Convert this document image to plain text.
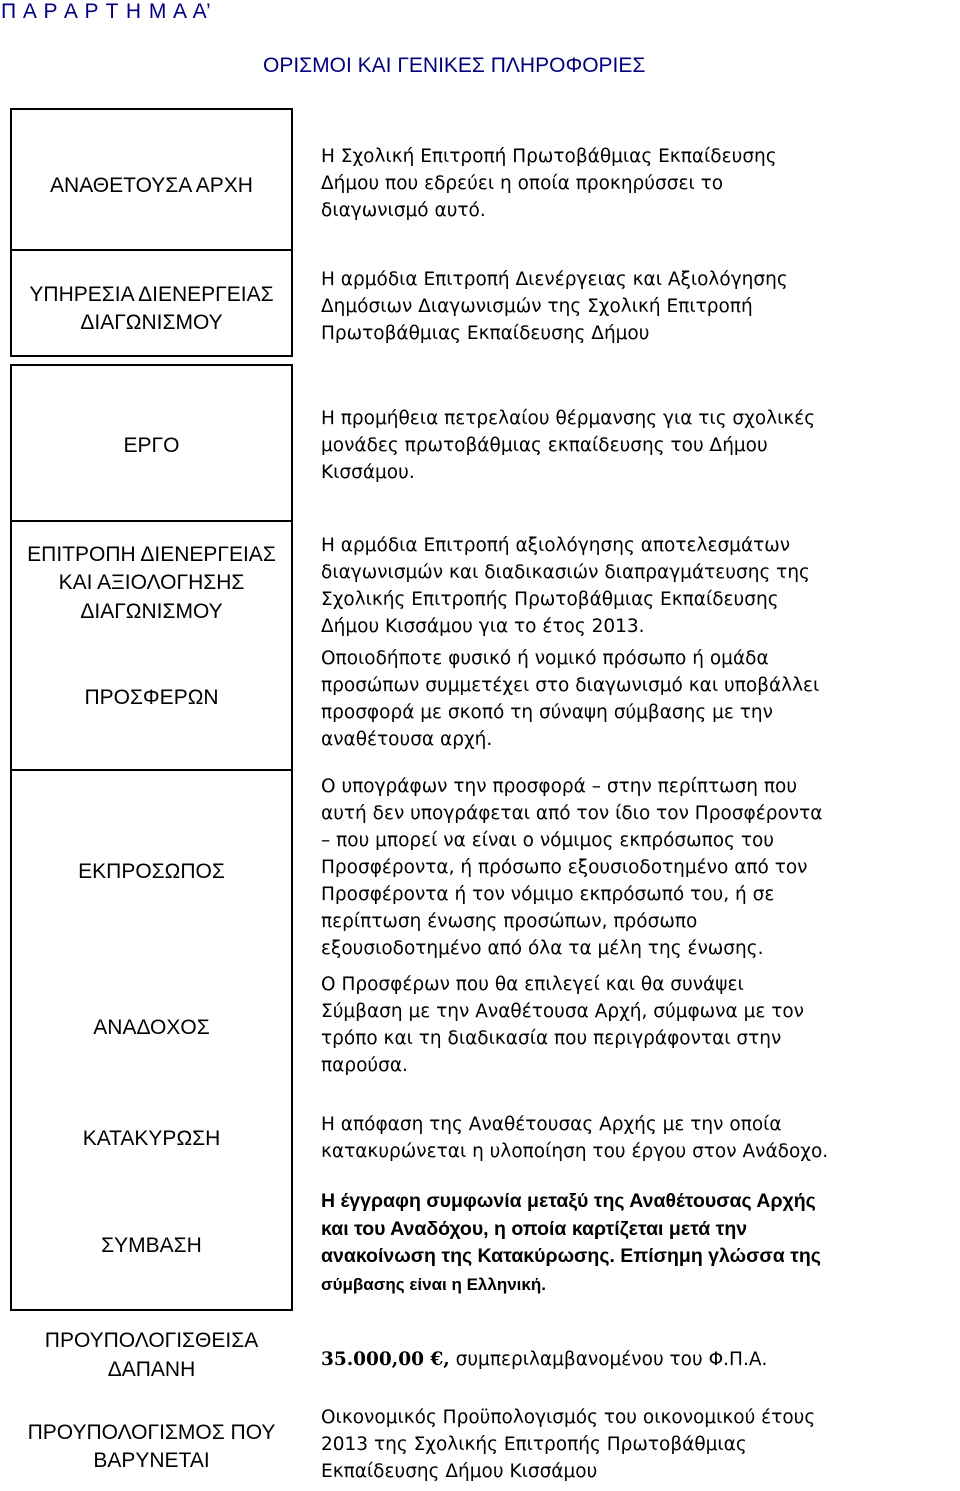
Π Α Ρ Α Ρ Τ Η Μ Α Α’
ΟΡΙΣΜΟΙ ΚΑΙ ΓΕΝΙΚΕΣ ΠΛΗΡΟΦΟΡΙΕΣ
ΑΝΑΘΕΤΟΥΣΑ ΑΡΧΗ
ΥΠΗΡΕΣΙΑ ΔΙΕΝΕΡΓΕΙΑΣ
ΔΙΑΓΩΝΙΣΜΟΥ
ΕΡΓΟ
ΕΠΙΤΡΟΠΗ ΔΙΕΝΕΡΓΕΙΑΣ
ΚΑΙ ΑΞΙΟΛΟΓΗΣΗΣ
ΔΙΑΓΩΝΙΣΜΟΥ
ΠΡΟΣΦΕΡΩΝ
ΕΚΠΡΟΣΩΠΟΣ
ΑΝΑΔΟΧΟΣ
ΚΑΤΑΚΥΡΩΣΗ
ΣΥΜΒΑΣΗ
ΠΡΟΥΠΟΛΟΓΙΣΘΕΙΣΑ
ΔΑΠΑΝΗ
ΠΡΟΥΠΟΛΟΓΙΣΜΟΣ ΠΟΥ
ΒΑΡΥΝΕΤΑΙ
Η Σχολική Επιτροπή Πρωτοβάθμιας Εκπαίδευσης
Δήμου που εδρεύει η οποία προκηρύσσει το
διαγωνισμό αυτό.
Η αρμόδια Επιτροπή Διενέργειας και Αξιολόγησης
Δημόσιων Διαγωνισμών της Σχολική Επιτροπή
Πρωτοβάθμιας Εκπαίδευσης Δήμου
Η προμήθεια πετρελαίου θέρμανσης για τις σχολικές
μονάδες πρωτοβάθμιας εκπαίδευσης του Δήμου
Κισσάμου.
Η αρμόδια Επιτροπή αξιολόγησης αποτελεσμάτων
διαγωνισμών και διαδικασιών διαπραγμάτευσης της
Σχολικής Επιτροπής Πρωτοβάθμιας Εκπαίδευσης
Δήμου Κισσάμου για το έτος 2013.
Οποιοδήποτε φυσικό ή νομικό πρόσωπο ή ομάδα
προσώπων συμμετέχει στο διαγωνισμό και υποβάλλει
προσφορά με σκοπό τη σύναψη σύμβασης με την
αναθέτουσα αρχή.
Ο υπογράφων την προσφορά – στην περίπτωση που
αυτή δεν υπογράφεται από τον ίδιο τον Προσφέροντα
– που μπορεί να είναι ο νόμιμος εκπρόσωπος του
Προσφέροντα, ή πρόσωπο εξουσιοδοτημένο από τον
Προσφέροντα ή τον νόμιμο εκπρόσωπό του, ή σε
περίπτωση ένωσης προσώπων, πρόσωπο
εξουσιοδοτημένο από όλα τα μέλη της ένωσης.
Ο Προσφέρων που θα επιλεγεί και θα συνάψει
Σύμβαση με την Αναθέτουσα Αρχή, σύμφωνα με τον
τρόπο και τη διαδικασία που περιγράφονται στην
παρούσα.
Η απόφαση της Αναθέτουσας Αρχής με την οποία
κατακυρώνεται η υλοποίηση του έργου στον Ανάδοχο.
Η έγγραφη συμφωνία μεταξύ της Αναθέτουσας Αρχής
και του Αναδόχου, η οποία καρτίζεται μετά την
ανακοίνωση της Κατακύρωσης. Επίσημη γλώσσα της
σύμβασης είναι η Ελληνική.
35.000,00 €, συμπεριλαμβανομένου του Φ.Π.Α.
Οικονομικός Προϋπολογισμός του οικονομικού έτους
2013 της Σχολικής Επιτροπής Πρωτοβάθμιας
Εκπαίδευσης Δήμου Κισσάμου
